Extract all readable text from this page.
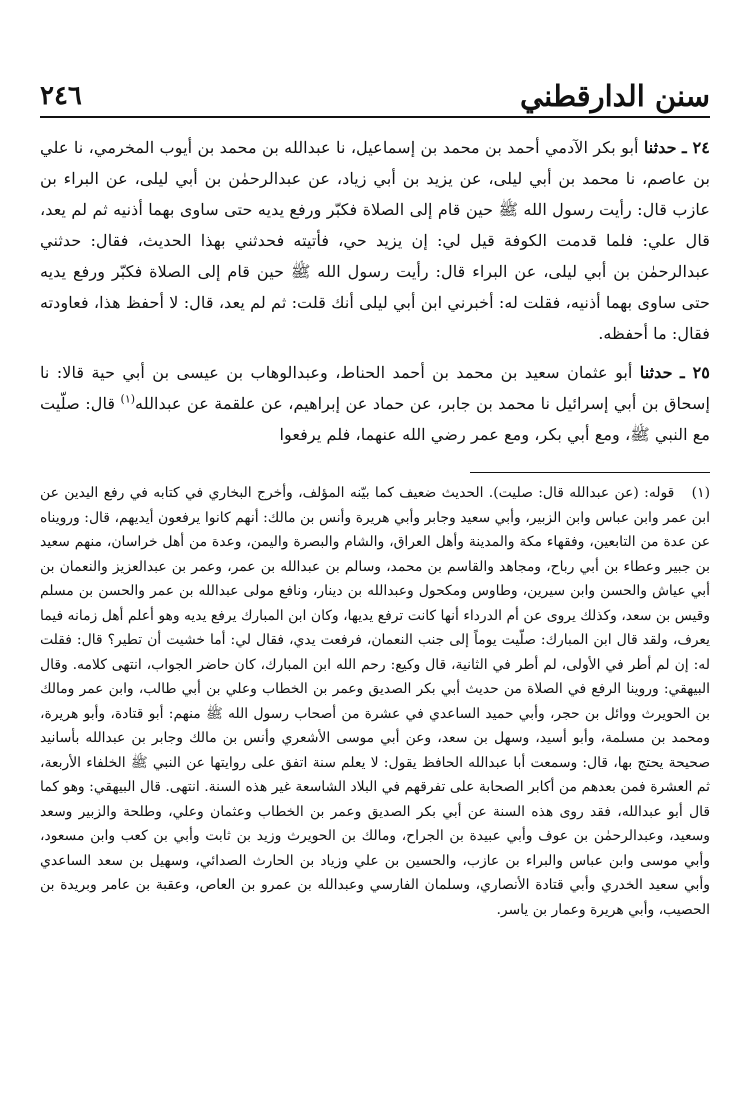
٢٤٦	سنن الدارقطني

٢٤ ـ حدثنا أبو بكر الآدمي أحمد بن محمد بن إسماعيل، نا عبدالله بن محمد بن أيوب المخرمي، نا علي بن عاصم، نا محمد بن أبي ليلى، عن يزيد بن أبي زياد، عن عبدالرحمٰن بن أبي ليلى، عن البراء بن عازب قال: رأيت رسول الله ﷺ حين قام إلى الصلاة فكبّر ورفع يديه حتى ساوى بهما أذنيه ثم لم يعد، قال علي: فلما قدمت الكوفة قيل لي: إن يزيد حي، فأتيته فحدثني بهذا الحديث، فقال: حدثني عبدالرحمٰن بن أبي ليلى، عن البراء قال: رأيت رسول الله ﷺ حين قام إلى الصلاة فكبّر ورفع يديه حتى ساوى بهما أذنيه، فقلت له: أخبرني ابن أبي ليلى أنك قلت: ثم لم يعد، قال: لا أحفظ هذا، فعاودته فقال: ما أحفظه.

٢٥ ـ حدثنا أبو عثمان سعيد بن محمد بن أحمد الحناط، وعبدالوهاب بن عيسى بن أبي حية قالا: نا إسحاق بن أبي إسرائيل نا محمد بن جابر، عن حماد عن إبراهيم، عن علقمة عن عبدالله$^{(١)}$ قال: صلّيت مع النبي ﷺ، ومع أبي بكر، ومع عمر رضي الله عنهما، فلم يرفعوا

(١) قوله: (عن عبدالله قال: صليت). الحديث ضعيف كما بيّنه المؤلف، وأخرج البخاري في كتابه في رفع اليدين عن ابن عمر وابن عباس وابن الزبير، وأبي سعيد وجابر وأبي هريرة وأنس بن مالك: أنهم كانوا يرفعون أيديهم، قال: ورويناه عن عدة من التابعين، وفقهاء مكة والمدينة وأهل العراق، والشام والبصرة واليمن، وعدة من أهل خراسان، منهم سعيد بن جبير وعطاء بن أبي رباح، ومجاهد والقاسم بن محمد، وسالم بن عبدالله بن عمر، وعمر بن عبدالعزيز والنعمان بن أبي عياش والحسن وابن سيرين، وطاوس ومكحول وعبدالله بن دينار، ونافع مولى عبدالله بن عمر والحسن بن مسلم وقيس بن سعد، وكذلك يروى عن أم الدرداء أنها كانت ترفع يديها، وكان ابن المبارك يرفع يديه وهو أعلم أهل زمانه فيما يعرف، ولقد قال ابن المبارك: صلّيت يوماً إلى جنب النعمان، فرفعت يدي، فقال لي: أما خشيت أن تطير؟ قال: فقلت له: إن لم أطر في الأولى، لم أطر في الثانية، قال وكيع: رحم الله ابن المبارك، كان حاضر الجواب، انتهى كلامه. وقال البيهقي: وروينا الرفع في الصلاة من حديث أبي بكر الصديق وعمر بن الخطاب وعلي بن أبي طالب، وابن عمر ومالك بن الحويرث ووائل بن حجر، وأبي حميد الساعدي في عشرة من أصحاب رسول الله ﷺ منهم: أبو قتادة، وأبو هريرة، ومحمد بن مسلمة، وأبو أسيد، وسهل بن سعد، وعن أبي موسى الأشعري وأنس بن مالك وجابر بن عبدالله بأسانيد صحيحة يحتج بها، قال: وسمعت أبا عبدالله الحافظ يقول: لا يعلم سنة اتفق على روايتها عن النبي ﷺ الخلفاء الأربعة، ثم العشرة فمن بعدهم من أكابر الصحابة على تفرقهم في البلاد الشاسعة غير هذه السنة. انتهى. قال البيهقي: وهو كما قال أبو عبدالله، فقد روى هذه السنة عن أبي بكر الصديق وعمر بن الخطاب وعثمان وعلي، وطلحة والزبير وسعد وسعيد، وعبدالرحمٰن بن عوف وأبي عبيدة بن الجراح، ومالك بن الحويرث وزيد بن ثابت وأبي بن كعب وابن مسعود، وأبي موسى وابن عباس والبراء بن عازب، والحسين بن علي وزياد بن الحارث الصدائي، وسهيل بن سعد الساعدي وأبي سعيد الخدري وأبي قتادة الأنصاري، وسلمان الفارسي وعبدالله بن عمرو بن العاص، وعقبة بن عامر وبريدة بن الحصيب، وأبي هريرة وعمار بن ياسر.
